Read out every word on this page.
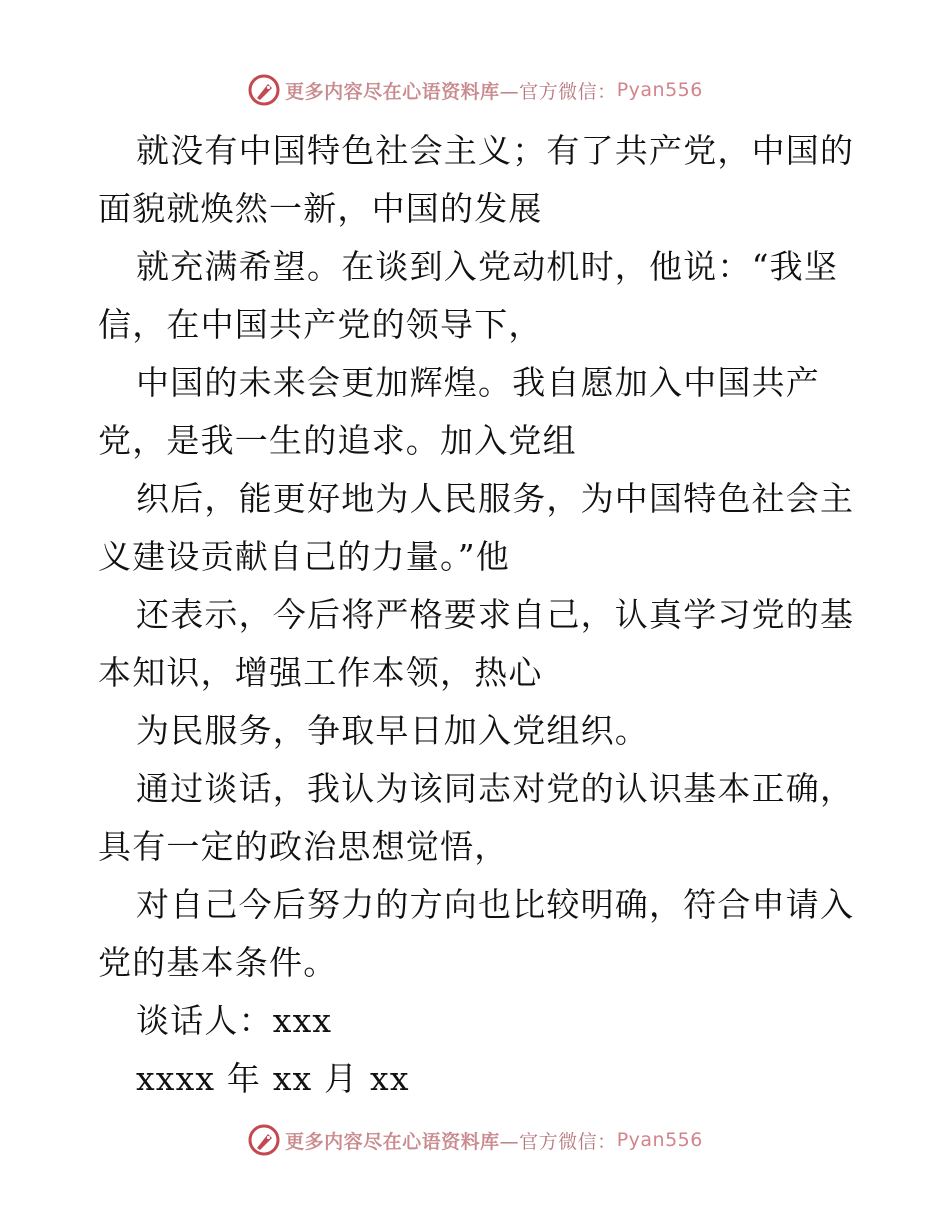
更多内容尽在心语资料库 —官方微信： Pyan556
就没有中国特色社会主义；有了共产党，中国的
面貌就焕然一新，中国的发展
就充满希望。在谈到入党动机时，他说：“我坚
信，在中国共产党的领导下，
中国的未来会更加辉煌。我自愿加入中国共产
党，是我一生的追求。加入党组
织后，能更好地为人民服务，为中国特色社会主
义建设贡献自己的力量。”他
还表示，今后将严格要求自己，认真学习党的基
本知识，增强工作本领，热心
为民服务，争取早日加入党组织。
通过谈话，我认为该同志对党的认识基本正确，
具有一定的政治思想觉悟，
对自己今后努力的方向也比较明确，符合申请入
党的基本条件。
谈话人：xxx
xxxx 年 xx 月 xx
更多内容尽在心语资料库 —官方微信： Pyan556
